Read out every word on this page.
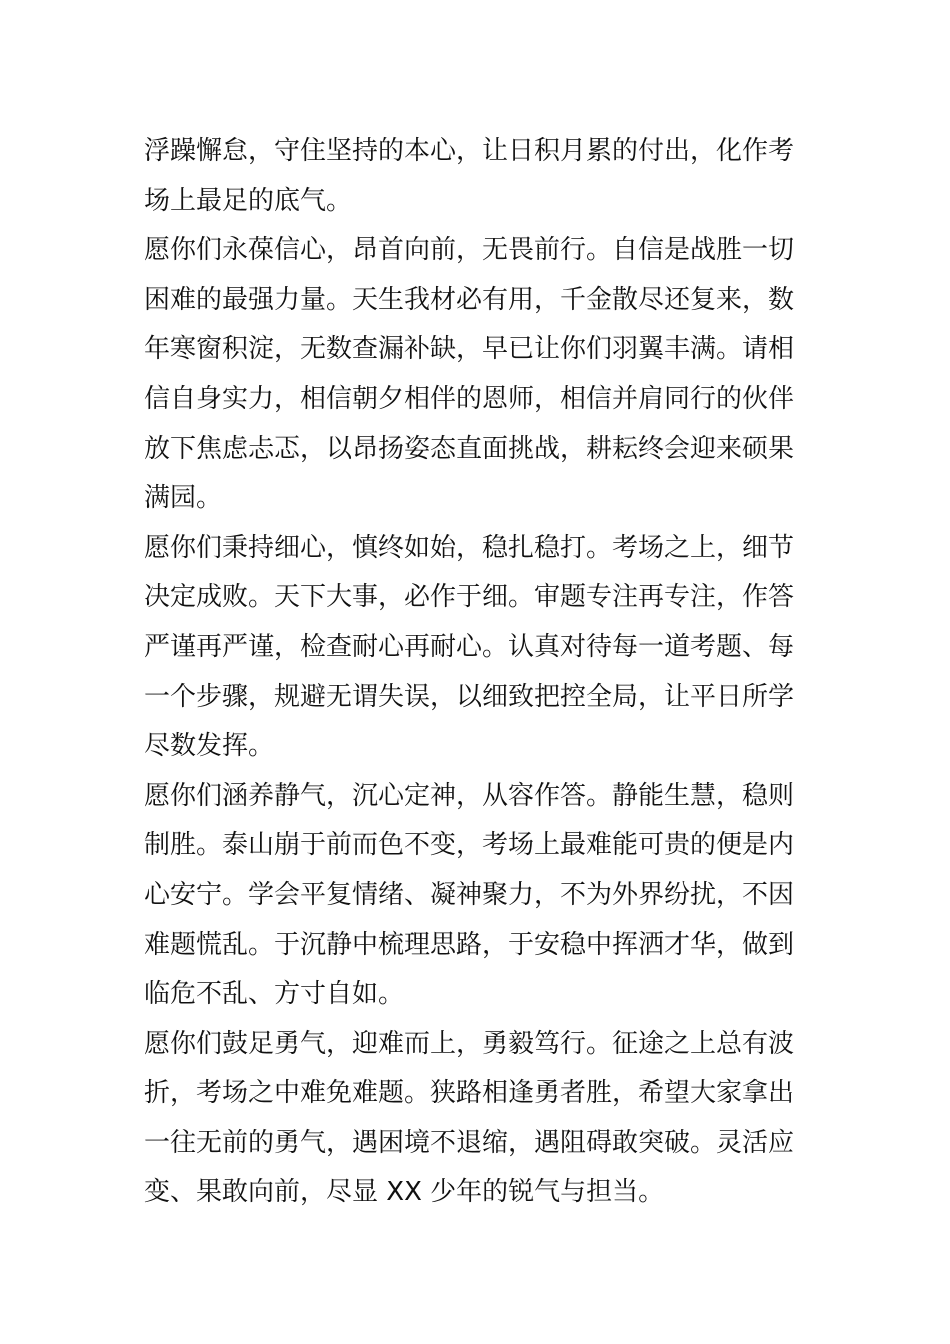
浮躁懈怠，守住坚持的本心，让日积月累的付出，化作考
场上最足的底气。
愿你们永葆信心，昂首向前，无畏前行。自信是战胜一切
困难的最强力量。天生我材必有用，千金散尽还复来，数
年寒窗积淀，无数查漏补缺，早已让你们羽翼丰满。请相
信自身实力，相信朝夕相伴的恩师，相信并肩同行的伙伴
放下焦虑忐忑，以昂扬姿态直面挑战，耕耘终会迎来硕果
满园。
愿你们秉持细心，慎终如始，稳扎稳打。考场之上，细节
决定成败。天下大事，必作于细。审题专注再专注，作答
严谨再严谨，检查耐心再耐心。认真对待每一道考题、每
一个步骤，规避无谓失误，以细致把控全局，让平日所学
尽数发挥。
愿你们涵养静气，沉心定神，从容作答。静能生慧，稳则
制胜。泰山崩于前而色不变，考场上最难能可贵的便是内
心安宁。学会平复情绪、凝神聚力，不为外界纷扰，不因
难题慌乱。于沉静中梳理思路，于安稳中挥洒才华，做到
临危不乱、方寸自如。
愿你们鼓足勇气，迎难而上，勇毅笃行。征途之上总有波
折，考场之中难免难题。狭路相逢勇者胜，希望大家拿出
一往无前的勇气，遇困境不退缩，遇阻碍敢突破。灵活应
变、果敢向前，尽显 XX 少年的锐气与担当。
